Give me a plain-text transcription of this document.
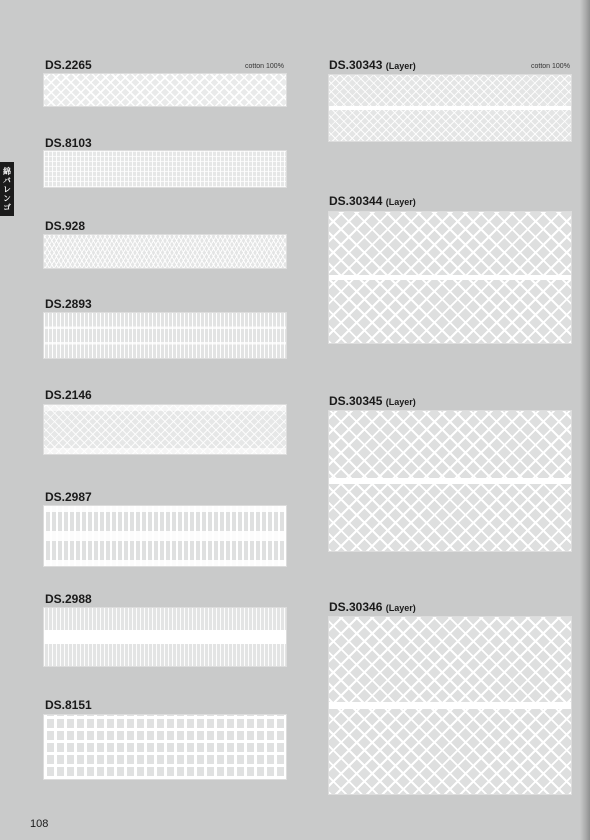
綿バレンゴ
DS.2265	cotton 100%
DS.8103
DS.928
DS.2893
DS.2146
DS.2987
DS.2988
DS.8151
DS.30343 (Layer)	cotton 100%
DS.30344 (Layer)
DS.30345 (Layer)
DS.30346 (Layer)
108
